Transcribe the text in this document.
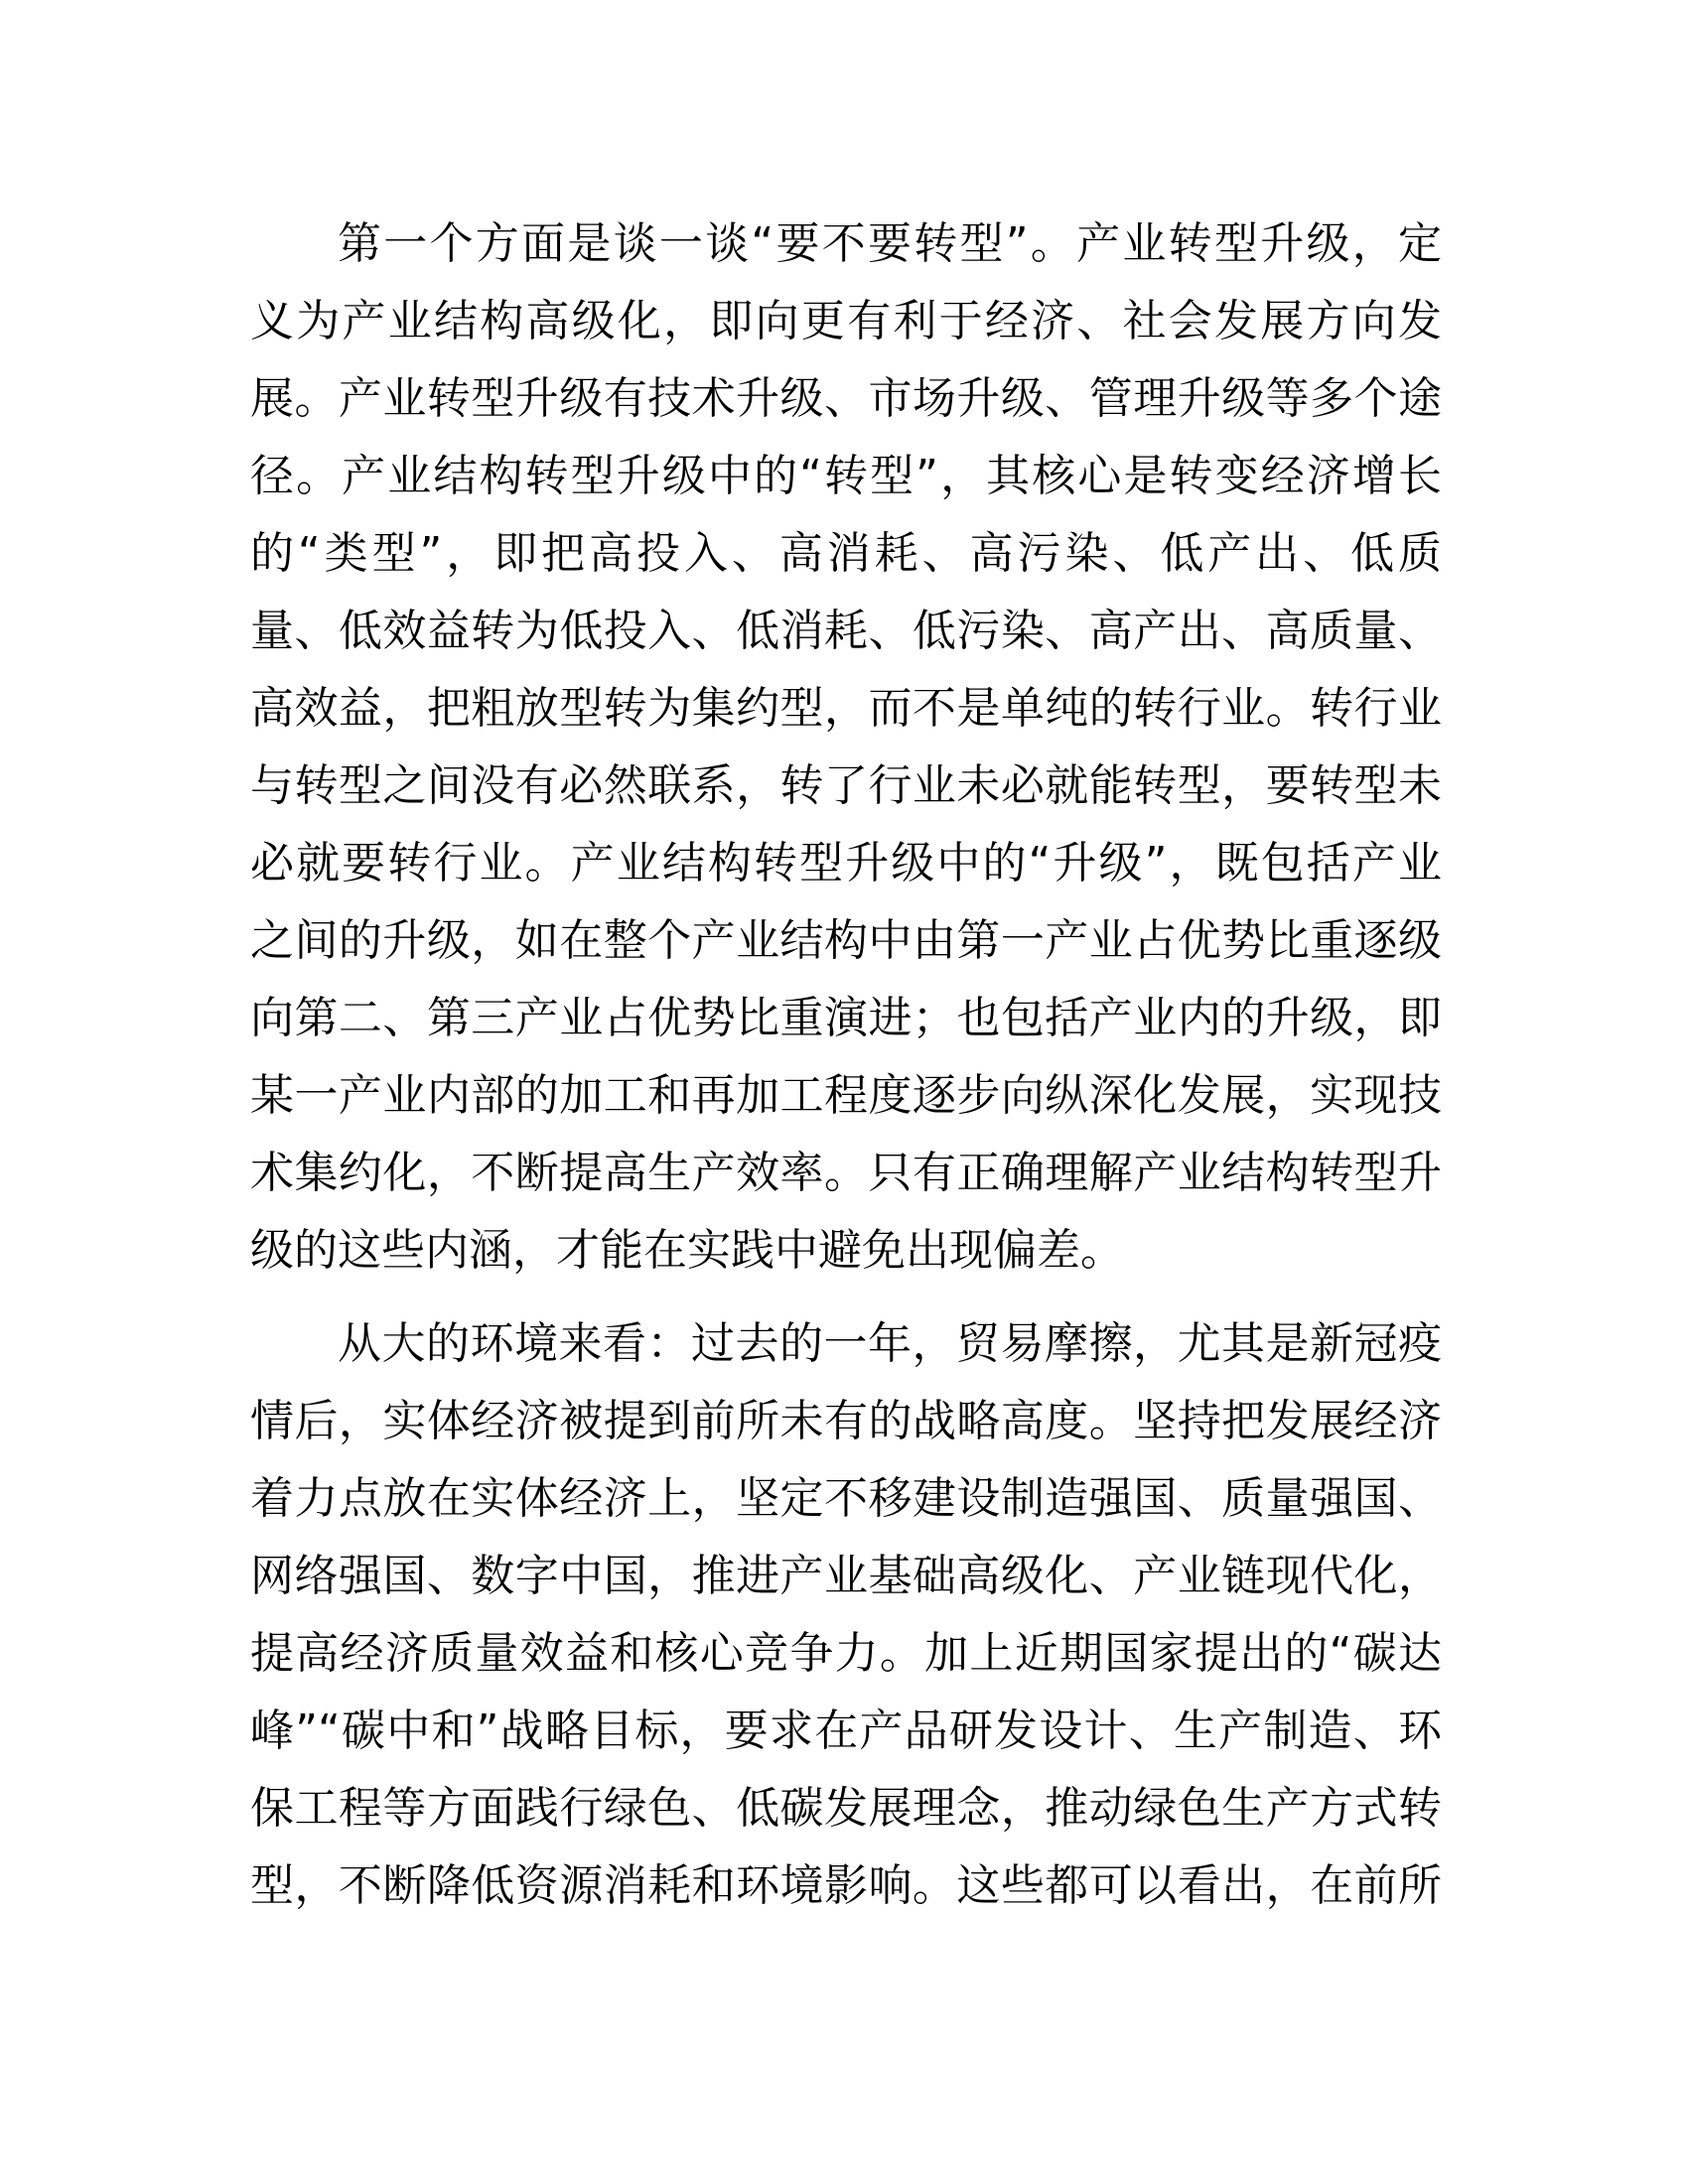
第一个方面是谈一谈“要不要转型”。产业转型升级，定
义为产业结构高级化，即向更有利于经济、社会发展方向发
展。产业转型升级有技术升级、市场升级、管理升级等多个途
径。产业结构转型升级中的“转型”，其核心是转变经济增长
的“类型”，即把高投入、高消耗、高污染、低产出、低质
量、低效益转为低投入、低消耗、低污染、高产出、高质量、
高效益，把粗放型转为集约型，而不是单纯的转行业。转行业
与转型之间没有必然联系，转了行业未必就能转型，要转型未
必就要转行业。产业结构转型升级中的“升级”，既包括产业
之间的升级，如在整个产业结构中由第一产业占优势比重逐级
向第二、第三产业占优势比重演进；也包括产业内的升级，即
某一产业内部的加工和再加工程度逐步向纵深化发展，实现技
术集约化，不断提高生产效率。只有正确理解产业结构转型升
级的这些内涵，才能在实践中避免出现偏差。
从大的环境来看：过去的一年，贸易摩擦，尤其是新冠疫
情后，实体经济被提到前所未有的战略高度。坚持把发展经济
着力点放在实体经济上，坚定不移建设制造强国、质量强国、
网络强国、数字中国，推进产业基础高级化、产业链现代化，
提高经济质量效益和核心竞争力。加上近期国家提出的“碳达
峰”“碳中和”战略目标，要求在产品研发设计、生产制造、环
保工程等方面践行绿色、低碳发展理念，推动绿色生产方式转
型，不断降低资源消耗和环境影响。这些都可以看出，在前所
